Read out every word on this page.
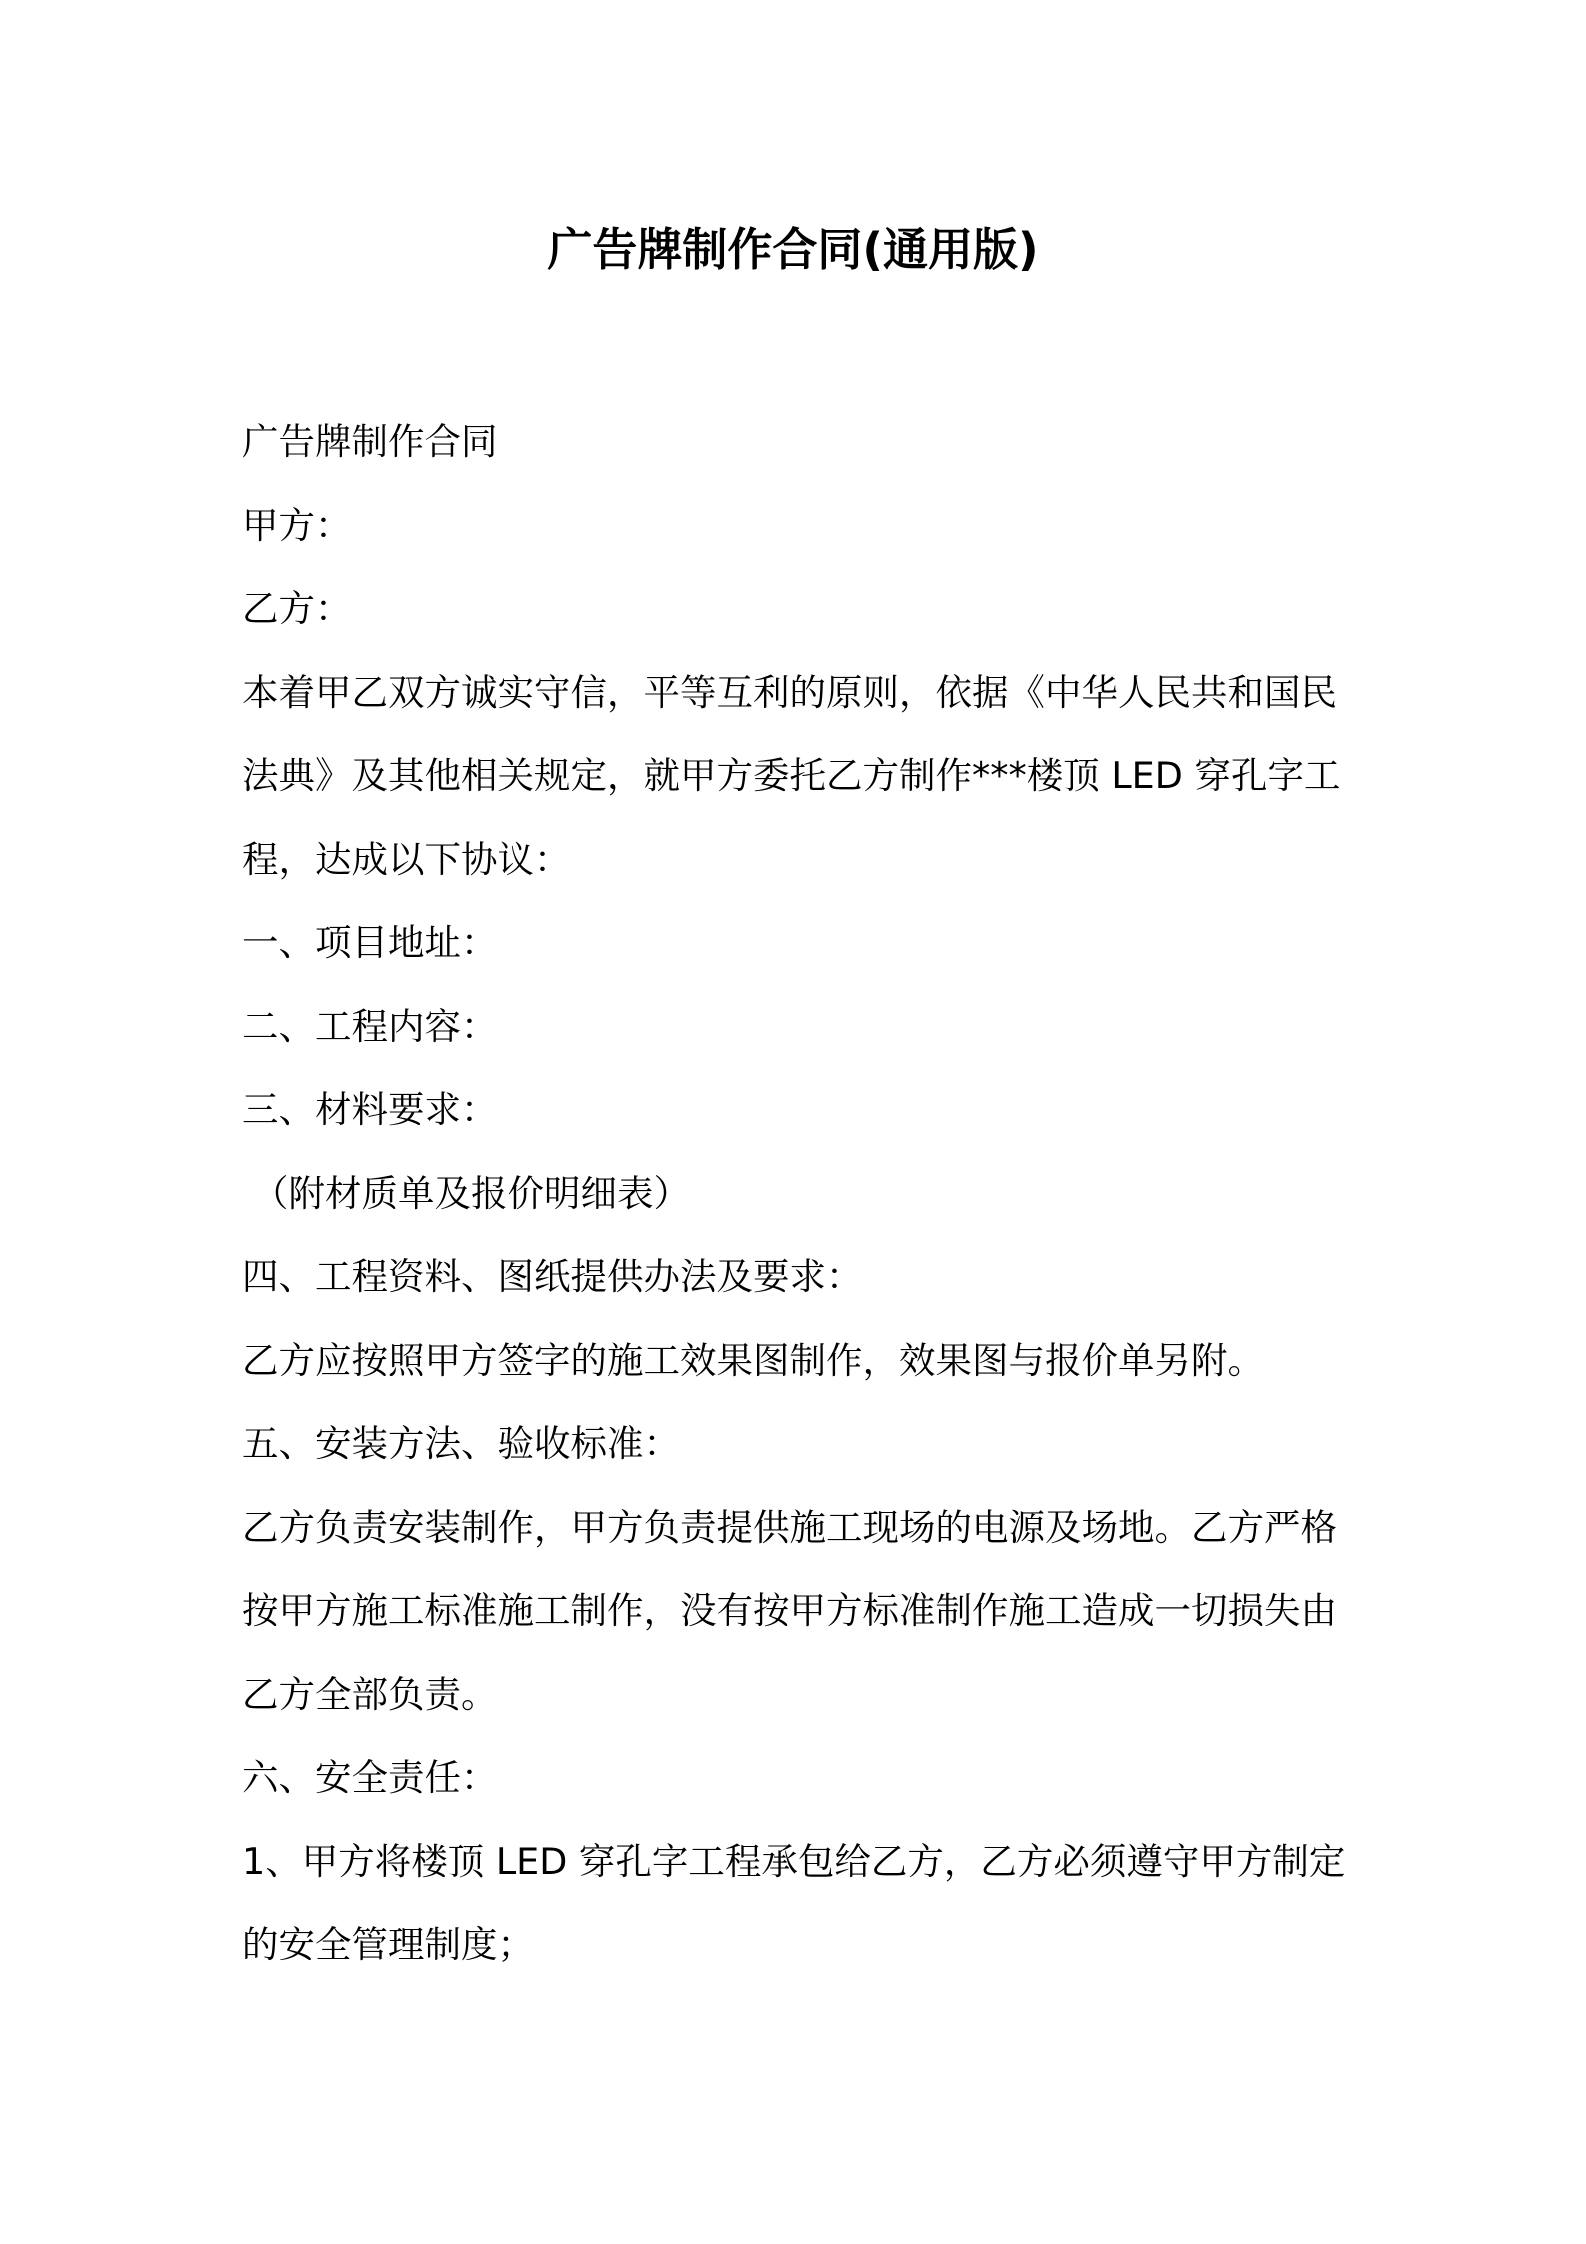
广告牌制作合同(通用版)

广告牌制作合同

甲方：

乙方：

本着甲乙双方诚实守信，平等互利的原则，依据《中华人民共和国民

法典》及其他相关规定，就甲方委托乙方制作***楼顶 LED 穿孔字工

程，达成以下协议：

一、项目地址：

二、工程内容：

三、材料要求：

（附材质单及报价明细表）

四、工程资料、图纸提供办法及要求：

乙方应按照甲方签字的施工效果图制作，效果图与报价单另附。

五、安装方法、验收标准：

乙方负责安装制作，甲方负责提供施工现场的电源及场地。乙方严格

按甲方施工标准施工制作，没有按甲方标准制作施工造成一切损失由

乙方全部负责。

六、安全责任：

1、甲方将楼顶 LED 穿孔字工程承包给乙方，乙方必须遵守甲方制定

的安全管理制度；
